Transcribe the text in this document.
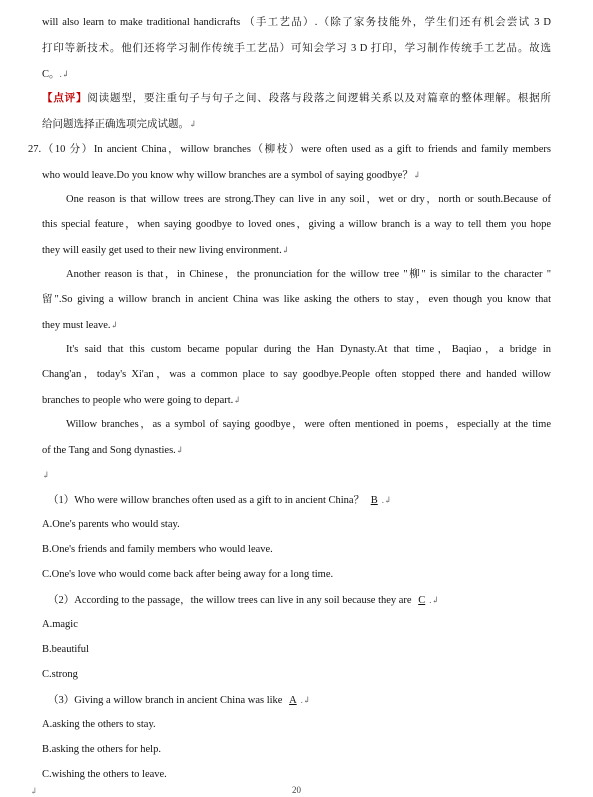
will also learn to make traditional handicrafts （手工艺品）.（除了家务技能外，学生们还有机会尝试 3 D
打印等新技术。他们还将学习制作传统手工艺品）可知会学习 3 D 打印，学习制作传统手工艺品。故选
C。.↲
【点评】阅读题型，要注重句子与句子之间、段落与段落之间逻辑关系以及对篇章的整体理解。根据所
给问题选择正确选项完成试题。↲
27.（10 分）In ancient China，willow branches（柳枝）were often used as a gift to friends and family members
who would leave.Do you know why willow branches are a symbol of saying goodbye？↲
One reason is that willow trees are strong.They can live in any soil，wet or dry，north or south.Because of
this special feature，when saying goodbye to loved ones，giving a willow branch is a way to tell them you hope
they will easily get used to their new living environment.↲
Another reason is that，in Chinese，the pronunciation for the willow tree "柳" is similar to the character "
留".So giving a willow branch in ancient China was like asking the others to stay，even though you know that
they must leave.↲
It's said that this custom became popular during the Han Dynasty.At that time，Baqiao，a bridge in
Chang'an，today's Xi'an，was a common place to say goodbye.People often stopped there and handed willow
branches to people who were going to depart.↲
Willow branches，as a symbol of saying goodbye，were often mentioned in poems，especially at the time
of the Tang and Song dynasties.↲
↲
（1）Who were willow branches often used as a gift to in ancient China？ B .↲
A.One's parents who would stay.
B.One's friends and family members who would leave.
C.One's love who would come back after being away for a long time.
（2）According to the passage，the willow trees can live in any soil because they are C .↲
A.magic
B.beautiful
C.strong
（3）Giving a willow branch in ancient China was like A .↲
A.asking the others to stay.
B.asking the others for help.
C.wishing the others to leave.
↲	20
